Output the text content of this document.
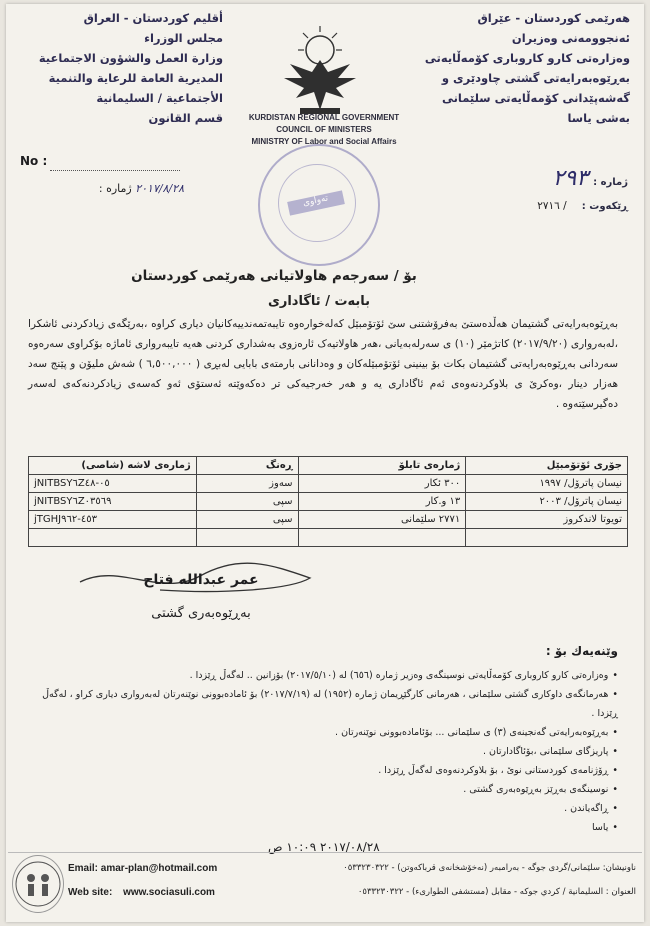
هەرێمی کوردستان - عێراق
ئەنجوومەنی وەزیران
وەزارەتی کارو کاروباری کۆمەڵایەتی
بەڕێوەبەرایەتی گشتی چاودێری و
گەشەپێدانی کۆمەڵایەتی سلێمانی
بەشی یاسا
أقليم كوردستان - العراق
مجلس الوزراء
وزارة العمل والشؤون الاجتماعية
المديرية العامة للرعاية والتنمية
الأجتماعية / السليمانية
قسم القانون	KURDISTAN REGIONAL GOVERNMENT
COUNCIL OF MINISTERS
MINISTRY OF Labor and Social Affairs
No :
٢٠١٧/٨/٢٨ ژمارە :	ژمارە : ٢٩٣
ڕێکەوت : / ٢٧١٦
تەواوی
بۆ / سەرجەم هاولاتیانی هەرێمی کوردستان
بابەت / ئاگاداری
بەڕێوەبەرایەتی گشتیمان هەڵدەستێ بەفرۆشتنی سێ ئۆتۆمبێل کەلەخوارەوە تایبەتمەندییەکانیان دیاری کراوە ،بەرێگەی زیادکردنی ئاشکرا ،لەبەرواری (٢٠١٧/٩/٢٠) کاتژمێر (١٠) ی سەرلەبەیانی ،هەر هاولاتیەک ئارەزوی بەشداری کردنی هەیە تایبەرواری ئاماژە بۆکراوی سەرەوە سەردانی بەڕێوەبەرایەتی گشتیمان بکات بۆ بینینی ئۆتۆمبێلەکان و وەدانانی بارمتەی بابایی لەبڕی ( ٦,٥٠٠,٠٠٠ ) شەش ملیۆن و پێنج سەد هەزار دینار ،وەکرێ ی بلاوکردنەوەی ئەم ئاگاداری یە و هەر خەرجیەکی تر دەکەوێتە ئەستۆی ئەو کەسەی زیادکردنەکەی لەسەر دەگیرسێتەوە .
جۆری ئۆتۆمبێل	ژمارەی تابلۆ	ڕەنگ	ژمارەی لاشە (شاصی)
نیسان پاترۆل/ ١٩٩٧	٣٠٠ ئکار	سەوز	jNITBSY٦Z٠٥-٤٨
نیسان پاترۆل/ ٢٠٠٣	١٣ و.کار	سپی	jNITBSY٦Z٠٣٥٦٩
تویوتا لاندکروز	٢٧٧١ سلێمانی	سپی	jTGHJ٤٥٣-٩٦٢

عمر عبدالله فتاح
بەڕێوەبەری گشتی
وێنەیەك بۆ :
• وەزارەتی کارو کاروباری کۆمەڵایەتی نوسینگەی وەزیر ژمارە (٦٥٦) لە (٢٠١٧/٥/١٠) بۆزانین .. لەگەڵ ڕێزدا .
• هەرمانگەی داوکاری گشتی سلێمانی ، هەرمانی کارگێڕیمان ژمارە (١٩٥٢) لە (٢٠١٧/٧/١٩) بۆ ئامادەبوونی نوێنەرتان لەبەرواری دیاری کراو ، لەگەڵ ڕێزدا .
• بەڕێوەبەرایەتی گەنجینەی (٣) ی سلێمانی ... بۆئامادەبوونی نوێنەرتان .
• پاریزگای سلێمانی ،بۆئاگادارتان .
• ڕۆژنامەی کوردستانی نوێ ، بۆ بلاوکردنەوەی لەگەڵ ڕێزدا .
• نوسینگەی بەڕێز بەڕێوەبەری گشتی .
• ڕاگەیاندن .
• یاسا
٢٠١٧/٠٨/٢٨ ١٠:٠٩ ص
Email: amar-plan@hotmail.com
Web site: www.sociasuli.com
ناونیشان: سلێمانی/گردی جوگە - بەرامبەر (نەخۆشخانەی قرباکەوتن) - ٠٥٣٣٢٣٠٣٢٢
العنوان : السليمانية / كردي جوكه - مقابل (مستشفى الطوارىء) - ٠٥٣٣٢٣٠٣٢٢
